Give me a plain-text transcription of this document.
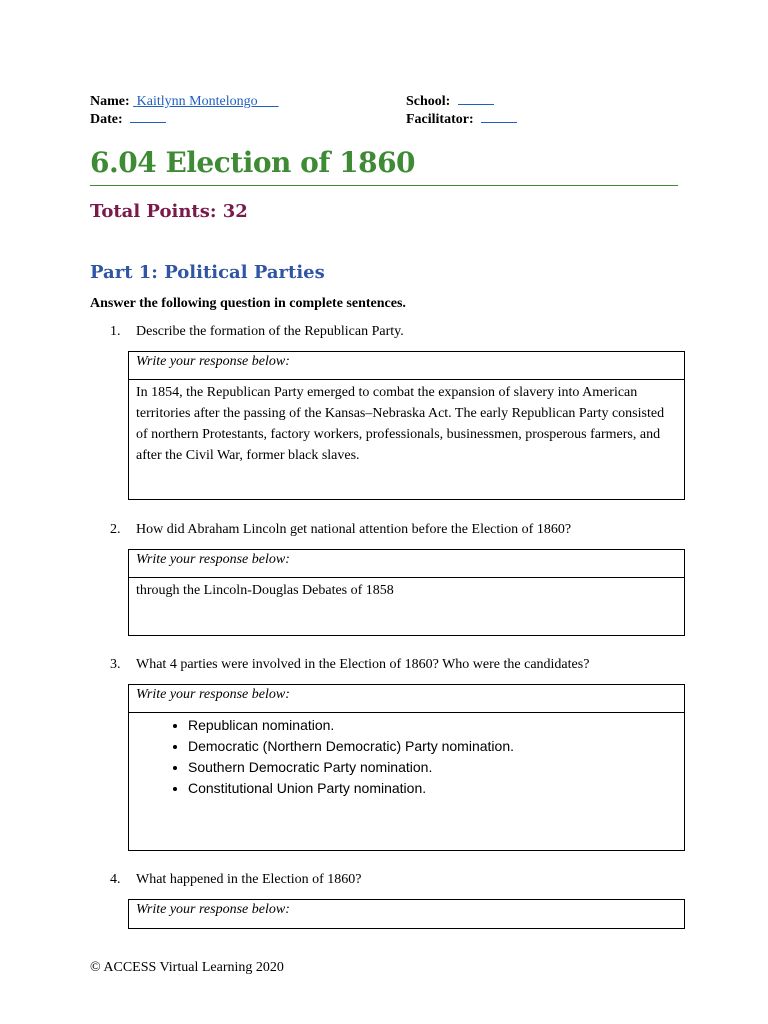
Name: Kaitlynn Montelongo
Date:
School:
Facilitator:
6.04 Election of 1860
Total Points: 32
Part 1: Political Parties
Answer the following question in complete sentences.
1. Describe the formation of the Republican Party.
Write your response below:
In 1854, the Republican Party emerged to combat the expansion of slavery into American territories after the passing of the Kansas–Nebraska Act. The early Republican Party consisted of northern Protestants, factory workers, professionals, businessmen, prosperous farmers, and after the Civil War, former black slaves.
2. How did Abraham Lincoln get national attention before the Election of 1860?
Write your response below:
through the Lincoln-Douglas Debates of 1858
3. What 4 parties were involved in the Election of 1860? Who were the candidates?
Write your response below:
• Republican nomination.
• Democratic (Northern Democratic) Party nomination.
• Southern Democratic Party nomination.
• Constitutional Union Party nomination.
4. What happened in the Election of 1860?
Write your response below:
© ACCESS Virtual Learning 2020
